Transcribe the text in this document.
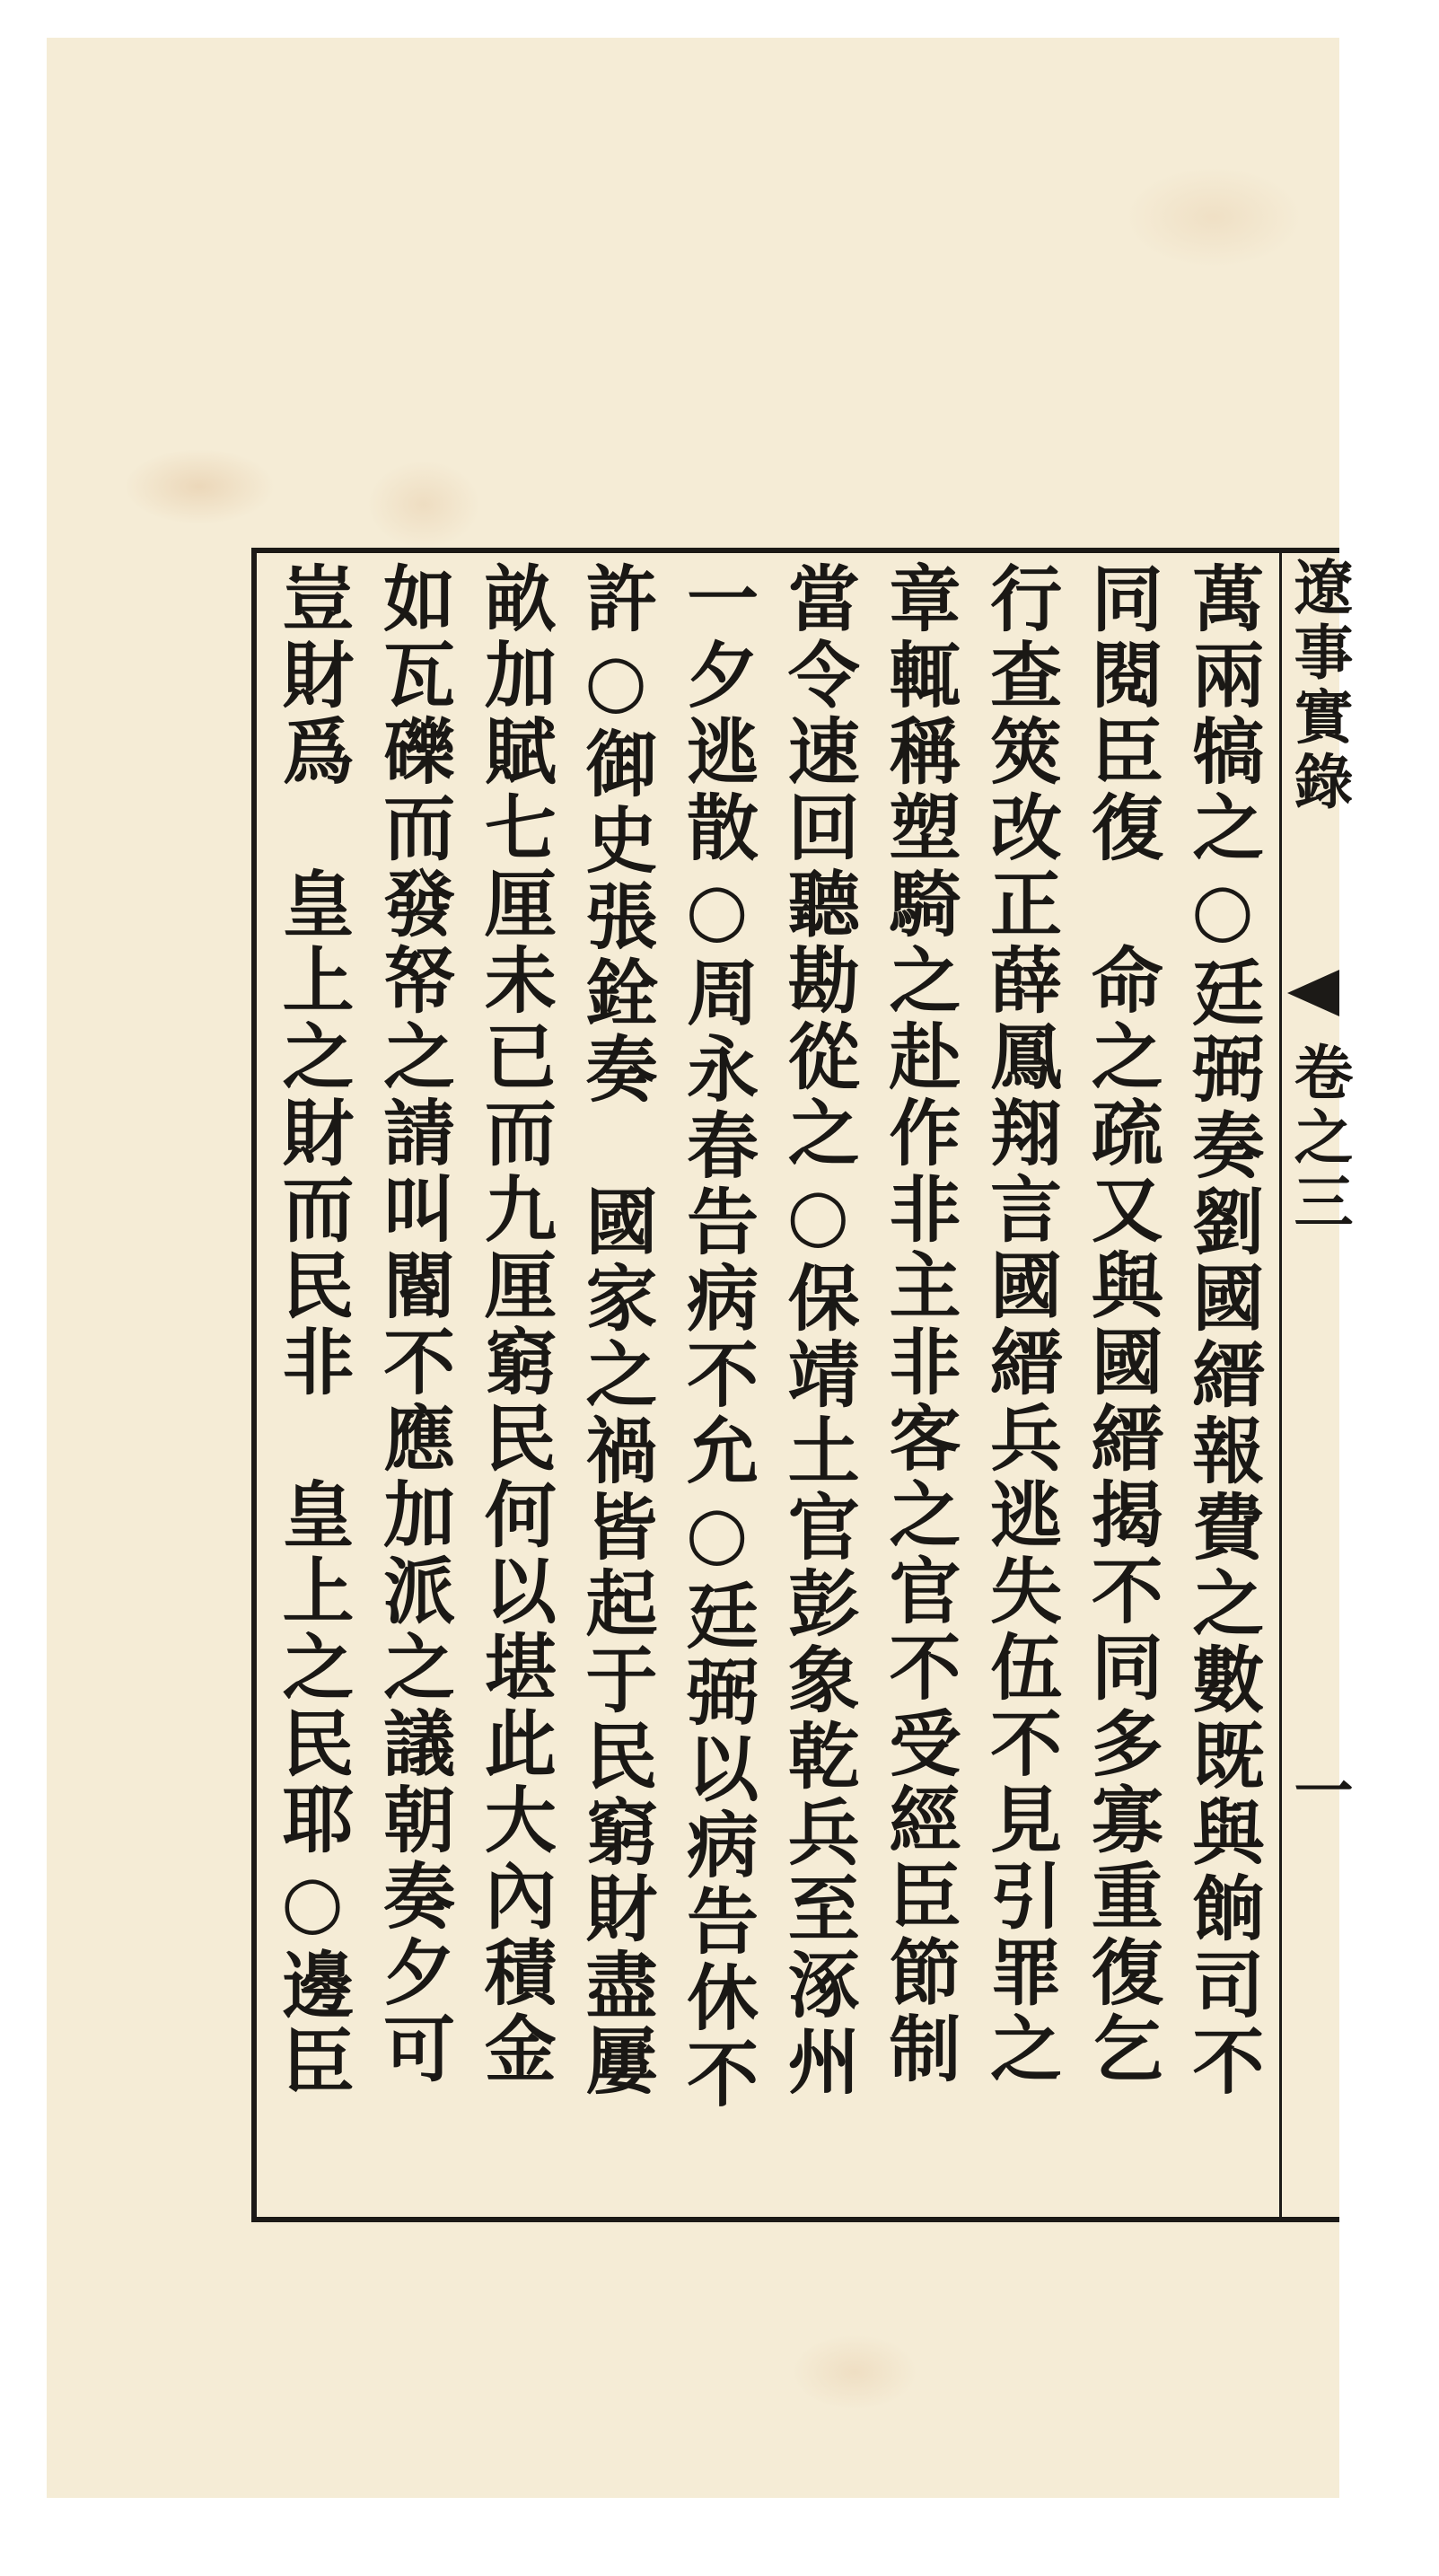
遼事實錄
卷之三
一
萬兩犒之○廷弼奏劉國縉報費之數既與餉司不
同閱臣復　命之疏又與國縉揭不同多寡重復乞
行查筴改正薛鳳翔言國縉兵逃失伍不見引罪之
章輒稱塑騎之赴作非主非客之官不受經臣節制
當令速回聽勘從之○保靖土官彭象乾兵至涿州
一夕逃散○周永春告病不允○廷弼以病告休不
許○御史張銓奏　國家之禍皆起于民窮財盡屢
畝加賦七厘未已而九厘窮民何以堪此大內積金
如瓦礫而發帑之請叫閽不應加派之議朝奏夕可
豈財爲　皇上之財而民非　皇上之民耶○邊臣
